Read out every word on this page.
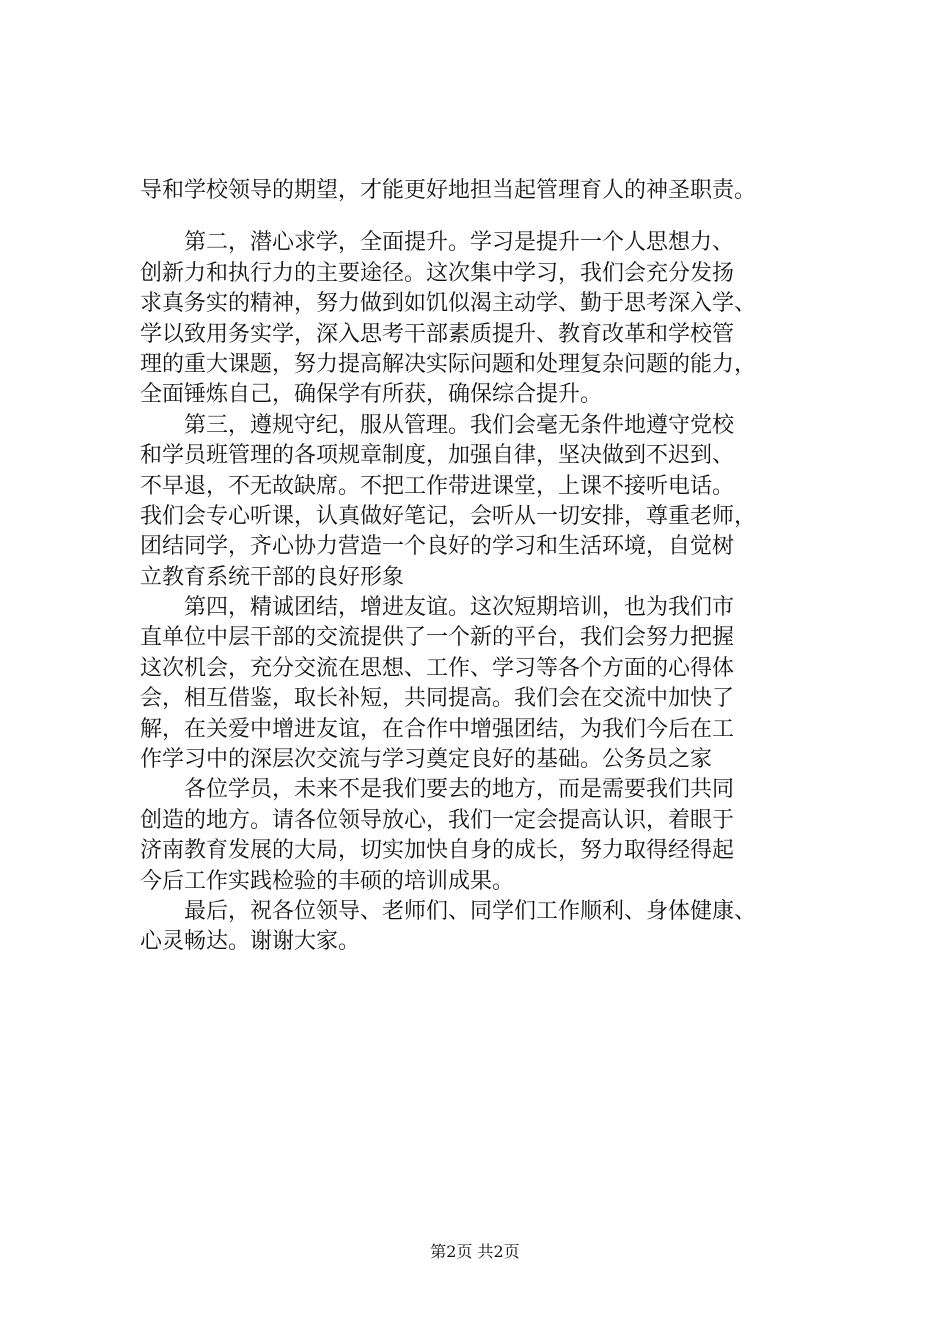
导和学校领导的期望，才能更好地担当起管理育人的神圣职责。
　　第二，潜心求学，全面提升。学习是提升一个人思想力、
创新力和执行力的主要途径。这次集中学习，我们会充分发扬
求真务实的精神，努力做到如饥似渴主动学、勤于思考深入学、
学以致用务实学，深入思考干部素质提升、教育改革和学校管
理的重大课题，努力提高解决实际问题和处理复杂问题的能力，
全面锤炼自己，确保学有所获，确保综合提升。
　　第三，遵规守纪，服从管理。我们会毫无条件地遵守党校
和学员班管理的各项规章制度，加强自律，坚决做到不迟到、
不早退，不无故缺席。不把工作带进课堂，上课不接听电话。
我们会专心听课，认真做好笔记，会听从一切安排，尊重老师，
团结同学，齐心协力营造一个良好的学习和生活环境，自觉树
立教育系统干部的良好形象
　　第四，精诚团结，增进友谊。这次短期培训，也为我们市
直单位中层干部的交流提供了一个新的平台，我们会努力把握
这次机会，充分交流在思想、工作、学习等各个方面的心得体
会，相互借鉴，取长补短，共同提高。我们会在交流中加快了
解，在关爱中增进友谊，在合作中增强团结，为我们今后在工
作学习中的深层次交流与学习奠定良好的基础。公务员之家
　　各位学员，未来不是我们要去的地方，而是需要我们共同
创造的地方。请各位领导放心，我们一定会提高认识，着眼于
济南教育发展的大局，切实加快自身的成长，努力取得经得起
今后工作实践检验的丰硕的培训成果。
　　最后，祝各位领导、老师们、同学们工作顺利、身体健康、
心灵畅达。谢谢大家。
第2页 共2页
